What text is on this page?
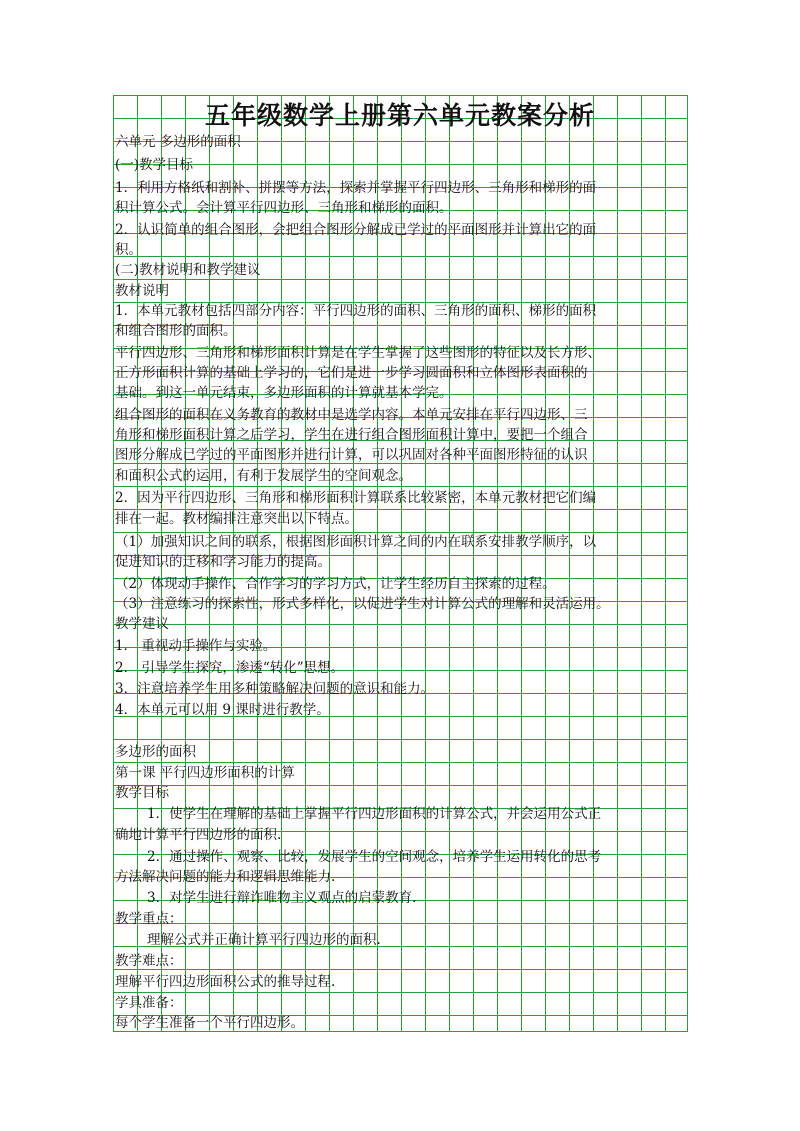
五年级数学上册第六单元教案分析
六单元 多边形的面积
(一)教学目标
1．利用方格纸和割补、拼摆等方法，探索并掌握平行四边形、三角形和梯形的面
积计算公式。会计算平行四边形、三角形和梯形的面积。
2．认识简单的组合图形，会把组合图形分解成已学过的平面图形并计算出它的面
积。
(二)教材说明和教学建议
教材说明
1．本单元教材包括四部分内容：平行四边形的面积、三角形的面积、梯形的面积
和组合图形的面积。
平行四边形、三角形和梯形面积计算是在学生掌握了这些图形的特征以及长方形、
正方形面积计算的基础上学习的，它们是进一步学习圆面积和立体图形表面积的
基础。到这一单元结束，多边形面积的计算就基本学完。
组合图形的面积在义务教育的教材中是选学内容。本单元安排在平行四边形、三
角形和梯形面积计算之后学习，学生在进行组合图形面积计算中，要把一个组合
图形分解成已学过的平面图形并进行计算，可以巩固对各种平面图形特征的认识
和面积公式的运用，有利于发展学生的空间观念。
2．因为平行四边形、三角形和梯形面积计算联系比较紧密，本单元教材把它们编
排在一起。教材编排注意突出以下特点。
（1）加强知识之间的联系，根据图形面积计算之间的内在联系安排教学顺序，以
促进知识的迁移和学习能力的提高。
（2）体现动手操作、合作学习的学习方式，让学生经历自主探索的过程。
（3）注意练习的探索性，形式多样化，以促进学生对计算公式的理解和灵活运用。
教学建议
1． 重视动手操作与实验。
2． 引导学生探究，渗透“转化”思想。
3．注意培养学生用多种策略解决问题的意识和能力。
4．本单元可以用 9 课时进行教学。
多边形的面积
第一课 平行四边形面积的计算
教学目标
1．使学生在理解的基础上掌握平行四边形面积的计算公式，并会运用公式正
确地计算平行四边形的面积.
2．通过操作、观察、比较，发展学生的空间观念，培养学生运用转化的思考
方法解决问题的能力和逻辑思维能力.
3．对学生进行辩诈唯物主义观点的启蒙教育.
教学重点：
理解公式并正确计算平行四边形的面积.
教学难点：
理解平行四边形面积公式的推导过程.
学具准备：
每个学生准备一个平行四边形。
